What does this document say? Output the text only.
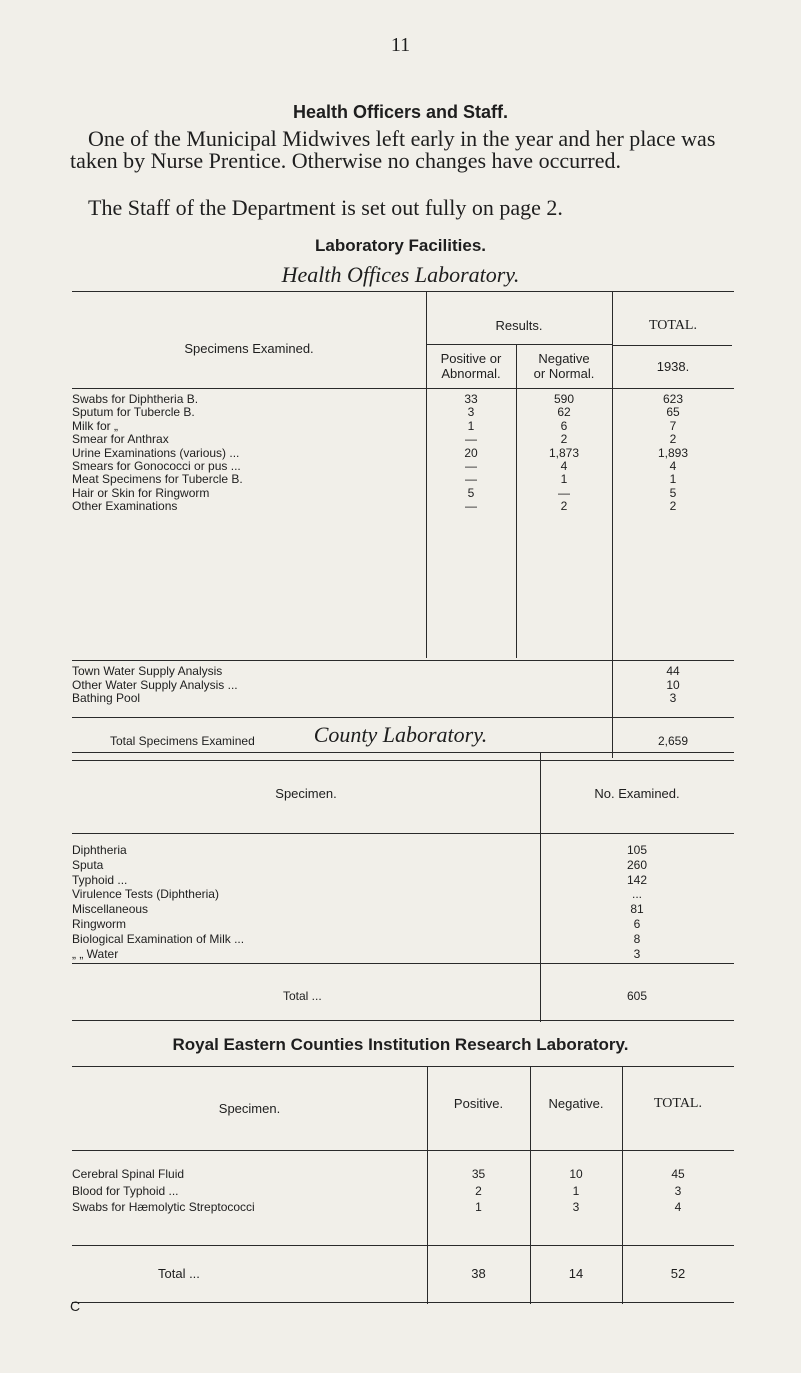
11
Health Officers and Staff.
One of the Municipal Midwives left early in the year and her place was taken by Nurse Prentice. Otherwise no changes have occurred.
The Staff of the Department is set out fully on page 2.
Laboratory Facilities.
Health Offices Laboratory.
Specimens Examined.
Results.	TOTAL.
Positive or
Abnormal.
Negative
or Normal.	1938.
Swabs for Diphtheria B.	33	590	623
Sputum for Tubercle B.	3	62	65
Milk for „	1	6	7
Smear for Anthrax	—	2	2
Urine Examinations (various) ...	20	1,873	1,893
Smears for Gonococci or pus ...	—	4	4
Meat Specimens for Tubercle B.	—	1	1
Hair or Skin for Ringworm	5	—	5
Other Examinations	—	2	2
Town Water Supply Analysis	44
Other Water Supply Analysis ...	10
Bathing Pool	3
Total Specimens Examined	2,659
County Laboratory.
Specimen.	No. Examined.
Diphtheria	105
Sputa	260
Typhoid ...	142
Virulence Tests (Diphtheria)	...
Miscellaneous	81
Ringworm	6
Biological Examination of Milk ...	8
„ „ Water	3
Total ...	605
Royal Eastern Counties Institution Research Laboratory.
Specimen.	Positive.	Negative.	TOTAL.
Cerebral Spinal Fluid	35	10	45
Blood for Typhoid ...	2	1	3
Swabs for Hæmolytic Streptococci	1	3	4
Total ...	38	14	52
C
